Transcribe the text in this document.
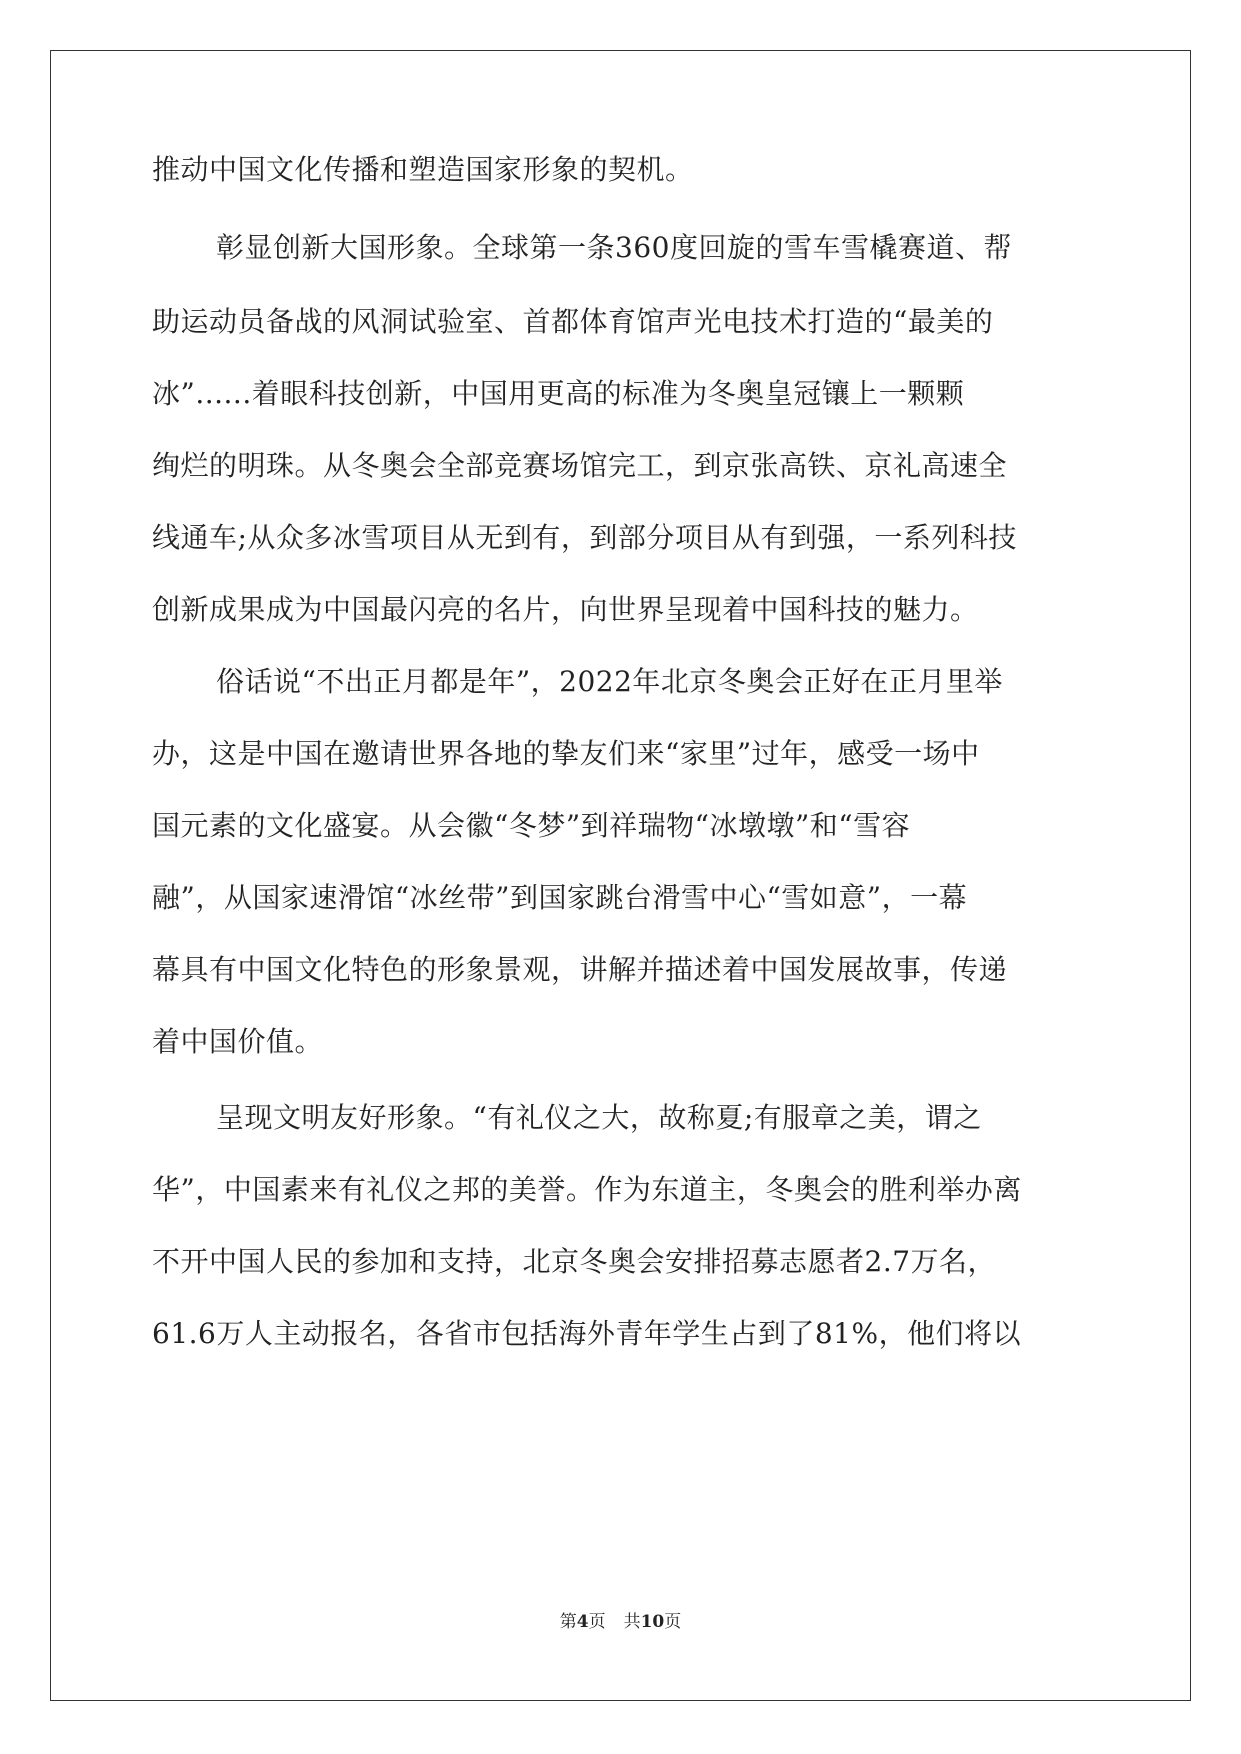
推动中国文化传播和塑造国家形象的契机。

彰显创新大国形象。全球第一条360度回旋的雪车雪橇赛道、帮

助运动员备战的风洞试验室、首都体育馆声光电技术打造的“最美的

冰”......着眼科技创新，中国用更高的标准为冬奥皇冠镶上一颗颗

绚烂的明珠。从冬奥会全部竞赛场馆完工，到京张高铁、京礼高速全

线通车;从众多冰雪项目从无到有，到部分项目从有到强，一系列科技

创新成果成为中国最闪亮的名片，向世界呈现着中国科技的魅力。

俗话说“不出正月都是年”，2022年北京冬奥会正好在正月里举

办，这是中国在邀请世界各地的挚友们来“家里”过年，感受一场中

国元素的文化盛宴。从会徽“冬梦”到祥瑞物“冰墩墩”和“雪容

融”，从国家速滑馆“冰丝带”到国家跳台滑雪中心“雪如意”，一幕

幕具有中国文化特色的形象景观，讲解并描述着中国发展故事，传递

着中国价值。

呈现文明友好形象。“有礼仪之大，故称夏;有服章之美，谓之

华”，中国素来有礼仪之邦的美誉。作为东道主，冬奥会的胜利举办离

不开中国人民的参加和支持，北京冬奥会安排招募志愿者2.7万名，

61.6万人主动报名，各省市包括海外青年学生占到了81%，他们将以

第4页 共10页
